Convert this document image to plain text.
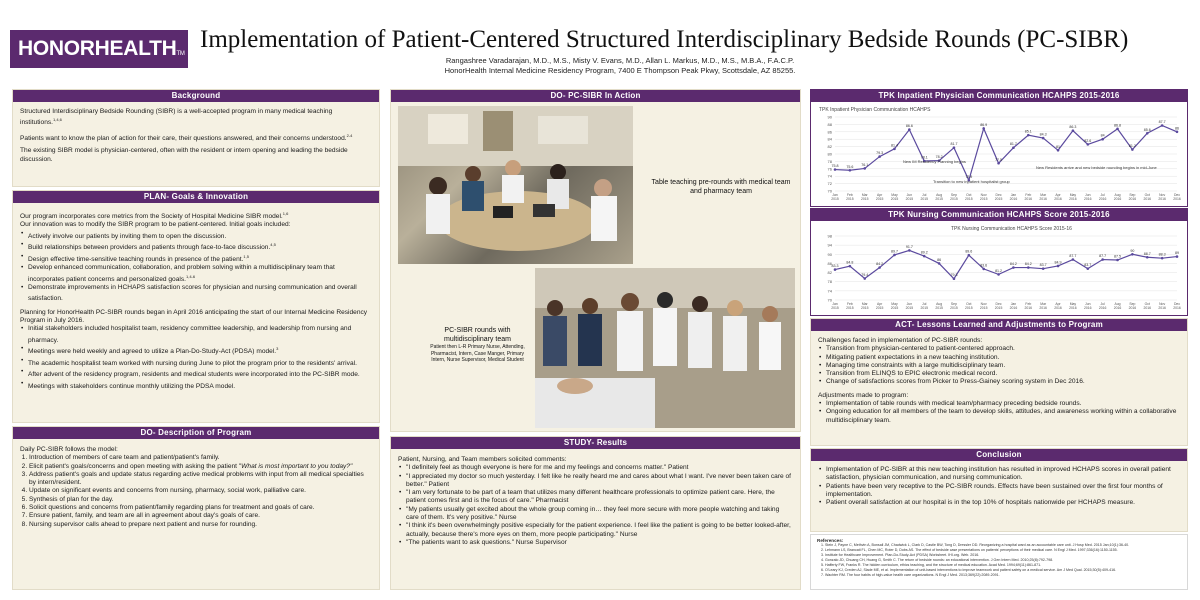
HONORHEALTHTM
Implementation of Patient-Centered Structured Interdisciplinary Bedside Rounds (PC-SIBR)
Rangashree Varadarajan, M.D., M.S., Misty V. Evans, M.D., Allan L. Markus, M.D., M.S., M.B.A., F.A.C.P.
HonorHealth Internal Medicine Residency Program, 7400 E Thompson Peak Pkwy, Scottsdale, AZ 85255.
Background

Structured Interdisciplinary Bedside Rounding (SIBR) is a well-accepted program in many medical teaching institutions.$^{1,4,6}$

Patients want to know the plan of action for their care, their questions answered, and their concerns understood.$^{2-4}$

The existing SIBR model is physician-centered, often with the resident or intern opening and leading the bedside discussion.

PLAN- Goals & Innovation
Our program incorporates core metrics from the Society of Hospital Medicine SIBR model.$^{1,6}$
Our innovation was to modify the SIBR program to be patient-centered. Initial goals included:
• Actively involve our patients by inviting them to open the discussion.
• Build relationships between providers and patients through face-to-face discussion.$^{4,5}$
• Design effective time-sensitive teaching rounds in presence of the patient.$^{1,5}$
• Develop enhanced communication, collaboration, and problem solving within a multidisciplinary team that incorporates patient concerns and personalized goals.$^{1,4-6}$
• Demonstrate improvements in HCHAPS satisfaction scores for physician and nursing communication and overall satisfaction.
Planning for HonorHealth PC-SIBR rounds began in April 2016 anticipating the start of our Internal Medicine Residency Program in July 2016.
• Initial stakeholders included hospitalist team, residency committee leadership, and leadership from nursing and pharmacy.
• Meetings were held weekly and agreed to utilize a Plan-Do-Study-Act (PDSA) model.$^3$
• The academic hospitalist team worked with nursing during June to pilot the program prior to the residents' arrival.
• After advent of the residency program, residents and medical students were incorporated into the PC-SIBR mode.
• Meetings with stakeholders continue monthly utilizing the PDSA model.
DO- Description of Program
Daily PC-SIBR follows the model:
1. Introduction of members of care team and patient/patient's family.
2. Elicit patient's goals/concerns and open meeting with asking the patient "What is most important to you today?"
3. Address patient's goals and update status regarding active medical problems with input from all medical specialties by intern/resident.
4. Update on significant events and concerns from nursing, pharmacy, social work, palliative care.
5. Synthesis of plan for the day.
6. Solicit questions and concerns from patient/family regarding plans for treatment and goals of care.
7. Ensure patient, family, and team are all in agreement about day's goals of care.
8. Nursing supervisor calls ahead to prepare next patient and nurse for rounding.
DO- PC-SIBR In Action
Table teaching pre-rounds with medical team and pharmacy team
PC-SIBR rounds with multidisciplinary team
Patient then L-R Primary Nurse, Attending, Pharmacist, Intern, Case Manger, Primary Intern, Nurse Supervisor, Medical Student
STUDY- Results
Patient, Nursing, and Team members solicited comments:
• "I definitely feel as though everyone is here for me and my feelings and concerns matter." Patient
• "I appreciated my doctor so much yesterday. I felt like he really heard me and cares about what I want. I've never been taken care of better." Patient
• "I am very fortunate to be part of a team that utilizes many different healthcare professionals to optimize patient care. Here, the patient comes first and is the focus of care." Pharmacist
• "My patients usually get excited about the whole group coming in… they feel more secure with more people watching and taking care of them. It's very positive." Nurse
• "I think it's been overwhelmingly positive especially for the patient experience. I feel like the patient is going to be better looked-after, actually, because there's more eyes on them, more people participating." Nurse
• "The patients want to ask questions." Nurse Supervisor
TPK Inpatient Physician Communication HCAHPS 2015-2016
TPK Inpatient Physician Communication HCAHPS
70
72
74
76
78
80
82
84
86
88
90
Jan
2015
Feb
2015
Mar
2015
Apr
2015
May
2015
Jun
2015
Jul
2015
Aug
2015
Sep
2015
Oct
2015
Nov
2015
Dec
2015
Jan
2016
Feb
2016
Mar
2016
Apr
2016
May
2016
Jun
2016
Jul
2016
Aug
2016
Sep
2016
Oct
2016
Nov
2016
Dec
2016
75.8 75.6 76.1
79.3
81.4
86.6
78.1 78.2
81.7
72.9
86.9
77.5
81.7
85.1
84.3
81
86.3
82.6
84
86.8
81.2
85.6
87.7
86
New IM Residency Planning begins
Transition to new inpatient hospitalist group
New Residents arrive and new bedside rounding begins in mid-June
TPK Nursing Communication HCAHPS Score 2015-2016
TPK Nursing Communication HCAHPS Score 2015-16
70
74
78
82
86
90
94
98
Jan
2015
Feb
2015
Mar
2015
Apr
2015
May
2015
Jun
2015
Jul
2015
Aug
2015
Sep
2015
Oct
2015
Nov
2015
Dec
2015
Jan
2016
Feb
2016
Mar
2016
Apr
2016
May
2016
Jun
2016
Jul
2016
Aug
2016
Sep
2016
Oct
2016
Nov
2016
Dec
2016
83.3
84.8
79.4
84.2
89.7
91.7
89.2
86
79.3
89.6
83.6
81.2
84.2 84.2 83.7
84.9
87.7
83.7
87.7 87.5
90
88.7 88.3	89
ACT- Lessons Learned and Adjustments to Program
Challenges faced in implementation of PC-SIBR rounds:
• Transition from physician-centered to patient-centered approach.
• Mitigating patient expectations in a new teaching institution.
• Managing time constraints with a large multidisciplinary team.
• Transition from ELINQS to EPIC electronic medical record.
• Change of satisfactions scores from Picker to Press-Gainey scoring system in Dec 2016.
Adjustments made to program:
• Implementation of table rounds with medical team/pharmacy preceding bedside rounds.
• Ongoing education for all members of the team to develop skills, attitudes, and awareness working within a collaborative multidisciplinary team.
Conclusion
• Implementation of PC-SIBR at this new teaching institution has resulted in improved HCHAPS scores in overall patient satisfaction, physician communication, and nursing communication.
• Patients have been very receptive to the PC-SIBR rounds. Effects have been sustained over the first four months of implementation.
• Patient overall satisfaction at our hospital is in the top 10% of hospitals nationwide per HCHAPS measure.
References:
1. Stein J, Payne C, Methvin A, Bonsall JM, Chadwick L, Clark D, Castle BW, Tong D, Dressler DD. Reorganizing a hospital ward as an accountable care unit. J Hosp Med. 2015 Jan;10(1):36-40.
2. Lehmann LS, Brancati FL, Chen MC, Roter D, Dobs AS. The effect of bedside case presentations on patients' perceptions of their medical care. N Engl J Med. 1997;336(16):1150-1155.
3. Institute for Healthcare Improvement. Plan-Do-Study-Act (PDSA) Worksheet. IHI.org. Web. 2016.
4. Gonzalo JD, Chuang CH, Huang G, Smith C. The return of bedside rounds: an educational intervention. J Gen Intern Med. 2010;25(8):792-798.
5. Hafferty FW, Franks R. The hidden curriculum, ethics teaching, and the structure of medical education. Acad Med. 1994;69(11):861-871.
6. O'Leary KJ, Creden AJ, Slade ME, et al. Implementation of unit-based interventions to improve teamwork and patient safety on a medical service. Am J Med Qual. 2015;30(5):409-416.
7. Wachter RM. The four habits of high-value health care organizations. N Engl J Med. 2013;369(22):2089-2091.
